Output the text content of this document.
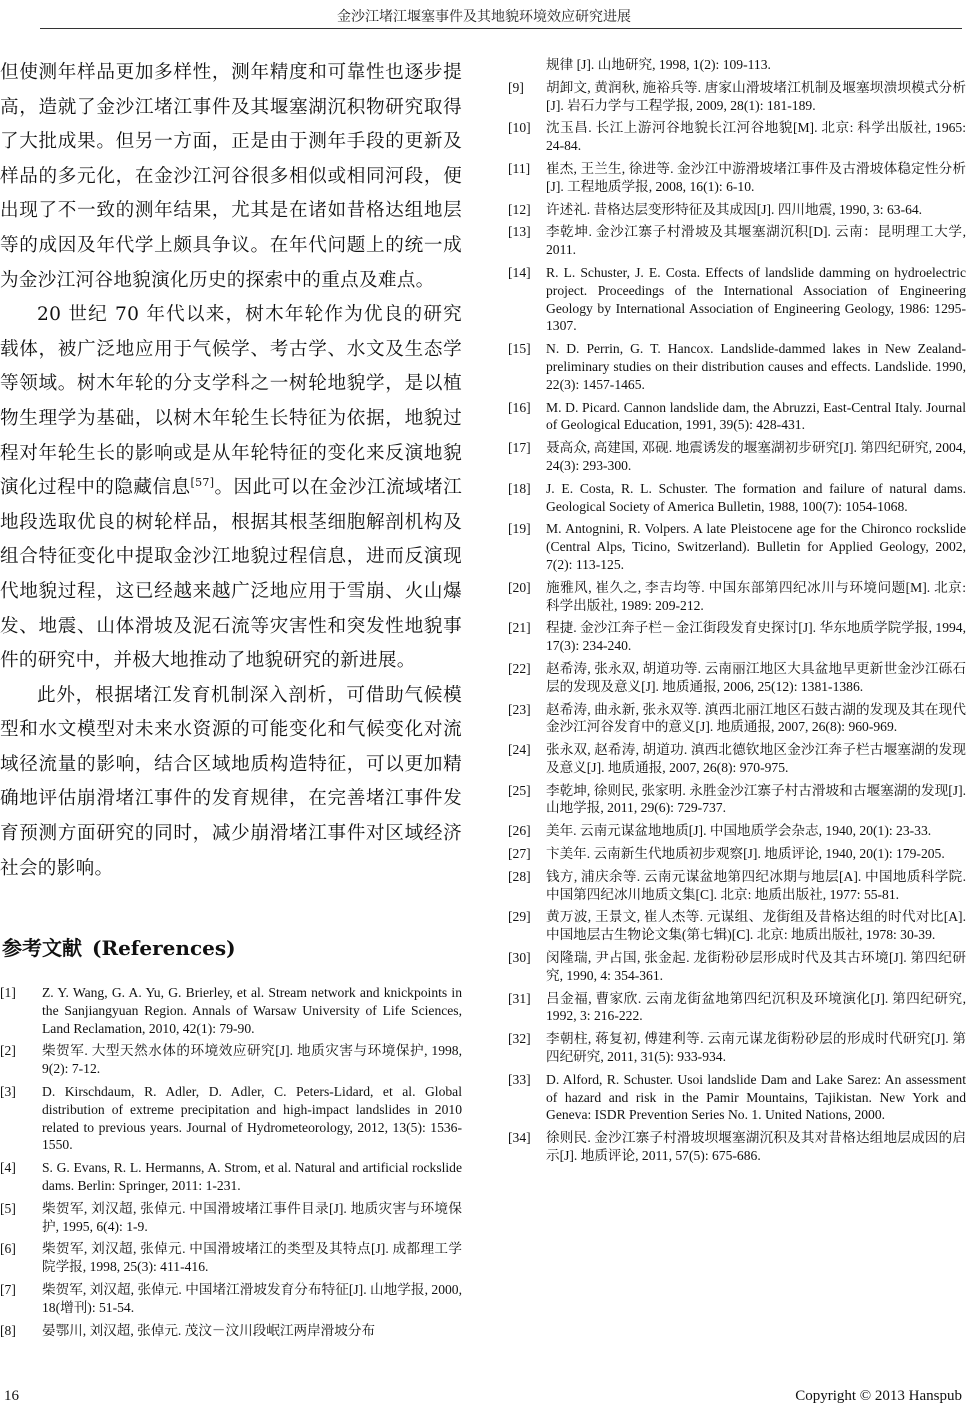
金沙江堵江堰塞事件及其地貌环境效应研究进展

但使测年样品更加多样性，测年精度和可靠性也逐步提高，造就了金沙江堵江事件及其堰塞湖沉积物研究取得了大批成果。但另一方面，正是由于测年手段的更新及样品的多元化，在金沙江河谷很多相似或相同河段，便出现了不一致的测年结果，尤其是在诸如昔格达组地层等的成因及年代学上颇具争议。在年代问题上的统一成为金沙江河谷地貌演化历史的探索中的重点及难点。

20 世纪 70 年代以来，树木年轮作为优良的研究载体，被广泛地应用于气候学、考古学、水文及生态学等领域。树木年轮的分支学科之一树轮地貌学，是以植物生理学为基础，以树木年轮生长特征为依据，地貌过程对年轮生长的影响或是从年轮特征的变化来反演地貌演化过程中的隐藏信息[57]。因此可以在金沙江流域堵江地段选取优良的树轮样品，根据其根茎细胞解剖机构及组合特征变化中提取金沙江地貌过程信息，进而反演现代地貌过程，这已经越来越广泛地应用于雪崩、火山爆发、地震、山体滑坡及泥石流等灾害性和突发性地貌事件的研究中，并极大地推动了地貌研究的新进展。

此外，根据堵江发育机制深入剖析，可借助气候模型和水文模型对未来水资源的可能变化和气候变化对流域径流量的影响，结合区域地质构造特征，可以更加精确地评估崩滑堵江事件的发育规律，在完善堵江事件发育预测方面研究的同时，减少崩滑堵江事件对区域经济社会的影响。

参考文献 (References)
[1] Z. Y. Wang, G. A. Yu, G. Brierley, et al. Stream network and knickpoints in the Sanjiangyuan Region. Annals of Warsaw University of Life Sciences, Land Reclamation, 2010, 42(1): 79-90.
[2] 柴贺军. 大型天然水体的环境效应研究[J]. 地质灾害与环境保护, 1998, 9(2): 7-12.
[3] D. Kirschdaum, R. Adler, D. Adler, C. Peters-Lidard, et al. Global distribution of extreme precipitation and high-impact landslides in 2010 related to previous years. Journal of Hydrometeorology, 2012, 13(5): 1536-1550.
[4] S. G. Evans, R. L. Hermanns, A. Strom, et al. Natural and artificial rockslide dams. Berlin: Springer, 2011: 1-231.
[5] 柴贺军, 刘汉超, 张倬元. 中国滑坡堵江事件目录[J]. 地质灾害与环境保护, 1995, 6(4): 1-9.
[6] 柴贺军, 刘汉超, 张倬元. 中国滑坡堵江的类型及其特点[J]. 成都理工学院学报, 1998, 25(3): 411-416.
[7] 柴贺军, 刘汉超, 张倬元. 中国堵江滑坡发育分布特征[J]. 山地学报, 2000, 18(增刊): 51-54.
[8] 晏鄂川, 刘汉超, 张倬元. 茂汶－汶川段岷江两岸滑坡分布
规律 [J]. 山地研究, 1998, 1(2): 109-113.
[9] 胡卸文, 黄润秋, 施裕兵等. 唐家山滑坡堵江机制及堰塞坝溃坝模式分析[J]. 岩石力学与工程学报, 2009, 28(1): 181-189.
[10] 沈玉昌. 长江上游河谷地貌长江河谷地貌[M]. 北京: 科学出版社, 1965: 24-84.
[11] 崔杰, 王兰生, 徐进等. 金沙江中游滑坡堵江事件及古滑坡体稳定性分析[J]. 工程地质学报, 2008, 16(1): 6-10.
[12] 许述礼. 昔格达层变形特征及其成因[J]. 四川地震, 1990, 3: 63-64.
[13] 李乾坤. 金沙江寨子村滑坡及其堰塞湖沉积[D]. 云南：昆明理工大学, 2011.
[14] R. L. Schuster, J. E. Costa. Effects of landslide damming on hydroelectric project. Proceedings of the International Association of Engineering Geology by International Association of Engineering Geology, 1986: 1295-1307.
[15] N. D. Perrin, G. T. Hancox. Landslide-dammed lakes in New Zealand-preliminary studies on their distribution causes and effects. Landslide. 1990, 22(3): 1457-1465.
[16] M. D. Picard. Cannon landslide dam, the Abruzzi, East-Central Italy. Journal of Geological Education, 1991, 39(5): 428-431.
[17] 聂高众, 高建国, 邓砚. 地震诱发的堰塞湖初步研究[J]. 第四纪研究, 2004, 24(3): 293-300.
[18] J. E. Costa, R. L. Schuster. The formation and failure of natural dams. Geological Society of America Bulletin, 1988, 100(7): 1054-1068.
[19] M. Antognini, R. Volpers. A late Pleistocene age for the Chironco rockslide (Central Alps, Ticino, Switzerland). Bulletin for Applied Geology, 2002, 7(2): 113-125.
[20] 施雅风, 崔久之, 李吉均等. 中国东部第四纪冰川与环境问题[M]. 北京: 科学出版社, 1989: 209-212.
[21] 程捷. 金沙江奔子栏－金江街段发育史探讨[J]. 华东地质学院学报, 1994, 17(3): 234-240.
[22] 赵希涛, 张永双, 胡道功等. 云南丽江地区大具盆地早更新世金沙江砾石层的发现及意义[J]. 地质通报, 2006, 25(12): 1381-1386.
[23] 赵希涛, 曲永新, 张永双等. 滇西北丽江地区石鼓古湖的发现及其在现代金沙江河谷发育中的意义[J]. 地质通报, 2007, 26(8): 960-969.
[24] 张永双, 赵希涛, 胡道功. 滇西北德钦地区金沙江奔子栏古堰塞湖的发现及意义[J]. 地质通报, 2007, 26(8): 970-975.
[25] 李乾坤, 徐则民, 张家明. 永胜金沙江寨子村古滑坡和古堰塞湖的发现[J]. 山地学报, 2011, 29(6): 729-737.
[26] 美年. 云南元谋盆地地质[J]. 中国地质学会杂志, 1940, 20(1): 23-33.
[27] 卞美年. 云南新生代地质初步观察[J]. 地质评论, 1940, 20(1): 179-205.
[28] 钱方, 浦庆余等. 云南元谋盆地第四纪冰期与地层[A]. 中国地质科学院. 中国第四纪冰川地质文集[C]. 北京: 地质出版社, 1977: 55-81.
[29] 黄万波, 王景文, 崔人杰等. 元谋组、龙街组及昔格达组的时代对比[A]. 中国地层古生物论文集(第七辑)[C]. 北京: 地质出版社, 1978: 30-39.
[30] 闵隆瑞, 尹占国, 张金起. 龙街粉砂层形成时代及其古环境[J]. 第四纪研究, 1990, 4: 354-361.
[31] 吕金福, 曹家欣. 云南龙街盆地第四纪沉积及环境演化[J]. 第四纪研究, 1992, 3: 216-222.
[32] 李朝柱, 蒋复初, 傅建利等. 云南元谋龙街粉砂层的形成时代研究[J]. 第四纪研究, 2011, 31(5): 933-934.
[33] D. Alford, R. Schuster. Usoi landslide Dam and Lake Sarez: An assessment of hazard and risk in the Pamir Mountains, Tajikistan. New York and Geneva: ISDR Prevention Series No. 1. United Nations, 2000.
[34] 徐则民. 金沙江寨子村滑坡坝堰塞湖沉积及其对昔格达组地层成因的启示[J]. 地质评论, 2011, 57(5): 675-686.
16	Copyright © 2013 Hanspub
